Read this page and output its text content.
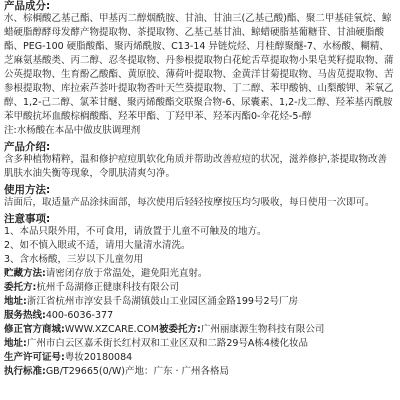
产品成分:
水、棕榈酸乙基己酯、甲基丙二醇烟酰胺、甘油、甘油三(乙基己酸)酯、聚二甲基硅氧烷、鲸蜡硬脂醇酵母发酵产物提取物、茶提取物、乙基己基甘油、鲸蜡硬脂基葡糖苷、甘油硬脂酸酯、PEG-100 硬脂酸酯、聚丙烯酰胺、C13-14 异链烷烃、月桂醇聚醚-7、水杨酸、糊精、芝麻氨基酸类、丙二醇、忍冬提取物、丹参根提取物白花蛇舌草提取物小果皂荚籽提取物、蒲公英提取物、生育酚乙酸酯、黄原胶、薄荷叶提取物、金黄洋甘菊提取物、马齿苋提取物、苦参根提取物、库拉索芦荟叶提取物香叶天竺葵提取物、丁二醇、苯甲酸钠、山梨酸钾、苯氧乙醇、1,2-己二醇、氯苯甘醚、聚丙烯酸酯交联聚合物-6、尿囊素、1,2-戊二醇、羟苯基丙酰胺苯甲酸抗坏血酸棕榈酸酯、羟苯甲酯、丁羟甲苯、羟苯丙酯0-伞花烃-5-醇
注:水杨酸在本品中做皮肤调理剂
产品介绍:
含多种植物精粹，温和修护痘痘肌软化角质并帮助改善痘痘的状况，滋养修护,茶提取物改善肌肤水油失衡等现象，令肌肤清爽匀净。
使用方法:
洁面后，取适量产品涂抹面部，每次使用后轻轻按摩按压均匀吸收，每日使用一次即可。
注意事项:
1、本品只限外用，不可食用，请放置于儿童不可触及的地方。
2、如不慎入眼或不适，请用大量清水清洗。
3、含水杨酸，三岁以下儿童勿用
贮藏方法:请密闭存放于常温处，避免阳光直射。
委托方:杭州千岛湖修正健康科技有限公司
地址:浙江省杭州市淳安县千岛湖镇鼓山工业园区涌金路199号2号厂房
服务热线:400-6036-377
修正官方商城:WWW.XZCARE.COM被委托方:广州丽康源生物科技有限公司
地址:广州市白云区嘉禾街长红村双和工业区双和二路29号A栋4楼化妆品
生产许可证号:粤妆20180084
执行标准:GB/T29665(0/W)产地：广东 · 广州各格局
